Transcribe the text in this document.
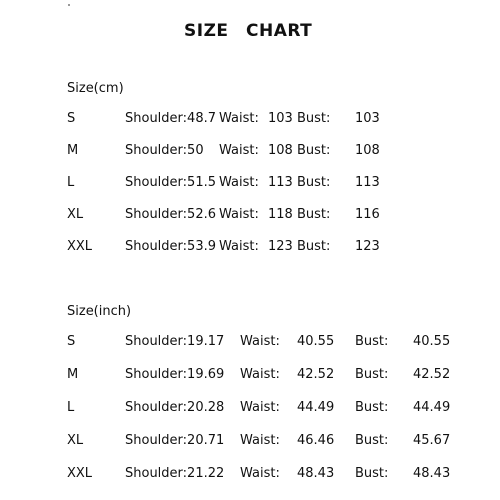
SIZE CHART
Size(cm)
S	Shoulder:48.7 Waist: 103 Bust: 103
M	Shoulder:50 Waist: 108 Bust: 108
L	Shoulder:51.5 Waist: 113 Bust: 113
XL	Shoulder:52.6 Waist: 118 Bust: 116
XXL	Shoulder:53.9 Waist: 123 Bust: 123
Size(inch)
S	Shoulder:19.17 Waist: 40.55 Bust: 40.55
M	Shoulder:19.69 Waist: 42.52 Bust: 42.52
L	Shoulder:20.28 Waist: 44.49 Bust: 44.49
XL	Shoulder:20.71 Waist: 46.46 Bust: 45.67
XXL	Shoulder:21.22 Waist: 48.43 Bust: 48.43
